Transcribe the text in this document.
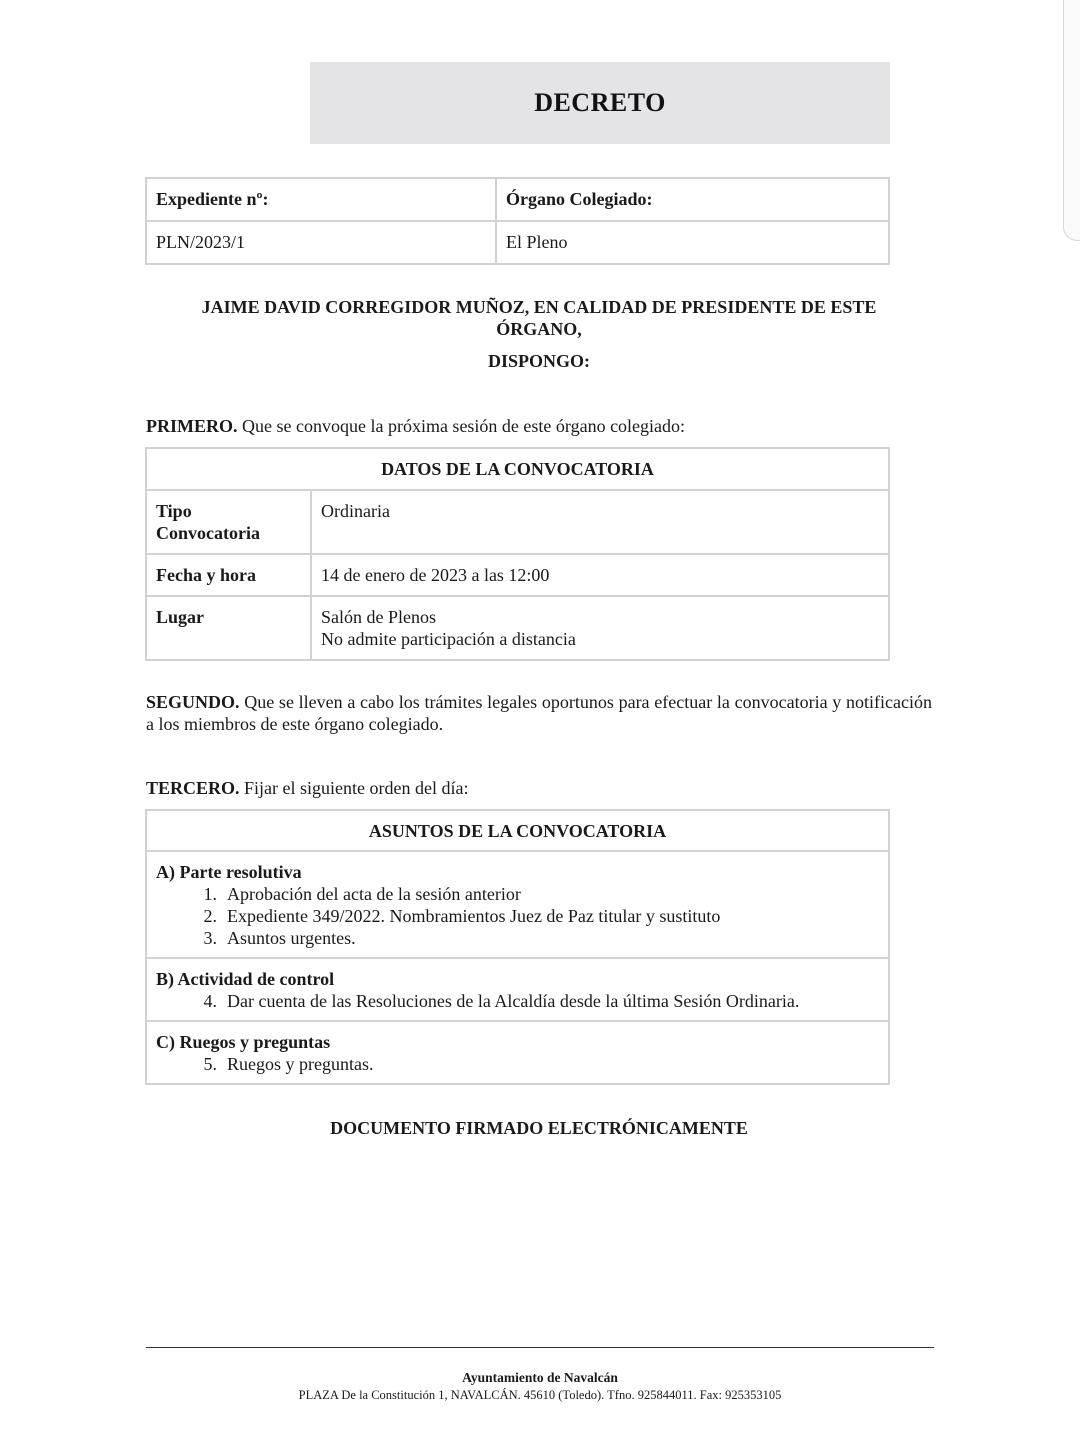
DECRETO
Expediente nº:	Órgano Colegiado:
PLN/2023/1	El Pleno
JAIME DAVID CORREGIDOR MUÑOZ, EN CALIDAD DE PRESIDENTE DE ESTE
ÓRGANO,
DISPONGO:
PRIMERO. Que se convoque la próxima sesión de este órgano colegiado:
DATOS DE LA CONVOCATORIA	

Tipo
Convocatoria	Ordinaria
Fecha y hora	14 de enero de 2023 a las 12:00
Lugar	Salón de Plenos
No admite participación a distancia
SEGUNDO. Que se lleven a cabo los trámites legales oportunos para efectuar la convocatoria y notificación a los miembros de este órgano colegiado.
TERCERO. Fijar el siguiente orden del día:
ASUNTOS DE LA CONVOCATORIA

A) Parte resolutiva
1. Aprobación del acta de la sesión anterior
2. Expediente 349/2022. Nombramientos Juez de Paz titular y sustituto
3. Asuntos urgentes.

B) Actividad de control
4. Dar cuenta de las Resoluciones de la Alcaldía desde la última Sesión Ordinaria.

C) Ruegos y preguntas
5. Ruegos y preguntas.
DOCUMENTO FIRMADO ELECTRÓNICAMENTE
Ayuntamiento de Navalcán
PLAZA De la Constitución 1, NAVALCÁN. 45610 (Toledo). Tfno. 925844011. Fax: 925353105
